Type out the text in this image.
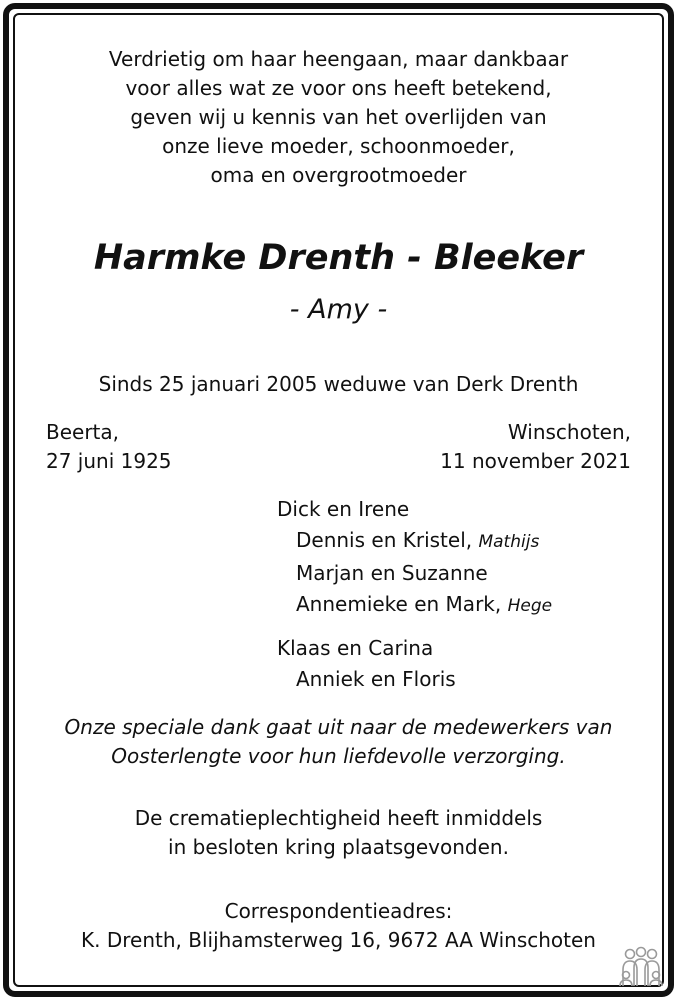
Verdrietig om haar heengaan, maar dankbaar
voor alles wat ze voor ons heeft betekend,
geven wij u kennis van het overlijden van
onze lieve moeder, schoonmoeder,
oma en overgrootmoeder
Harmke Drenth - Bleeker
- Amy -
Sinds 25 januari 2005 weduwe van Derk Drenth
Beerta,
27 juni 1925
Winschoten,
11 november 2021
Dick en Irene
Dennis en Kristel, Mathijs
Marjan en Suzanne
Annemieke en Mark, Hege
Klaas en Carina
Anniek en Floris
Onze speciale dank gaat uit naar de medewerkers van
Oosterlengte voor hun liefdevolle verzorging.
De crematieplechtigheid heeft inmiddels
in besloten kring plaatsgevonden.
Correspondentieadres:
K. Drenth, Blijhamsterweg 16, 9672 AA Winschoten
